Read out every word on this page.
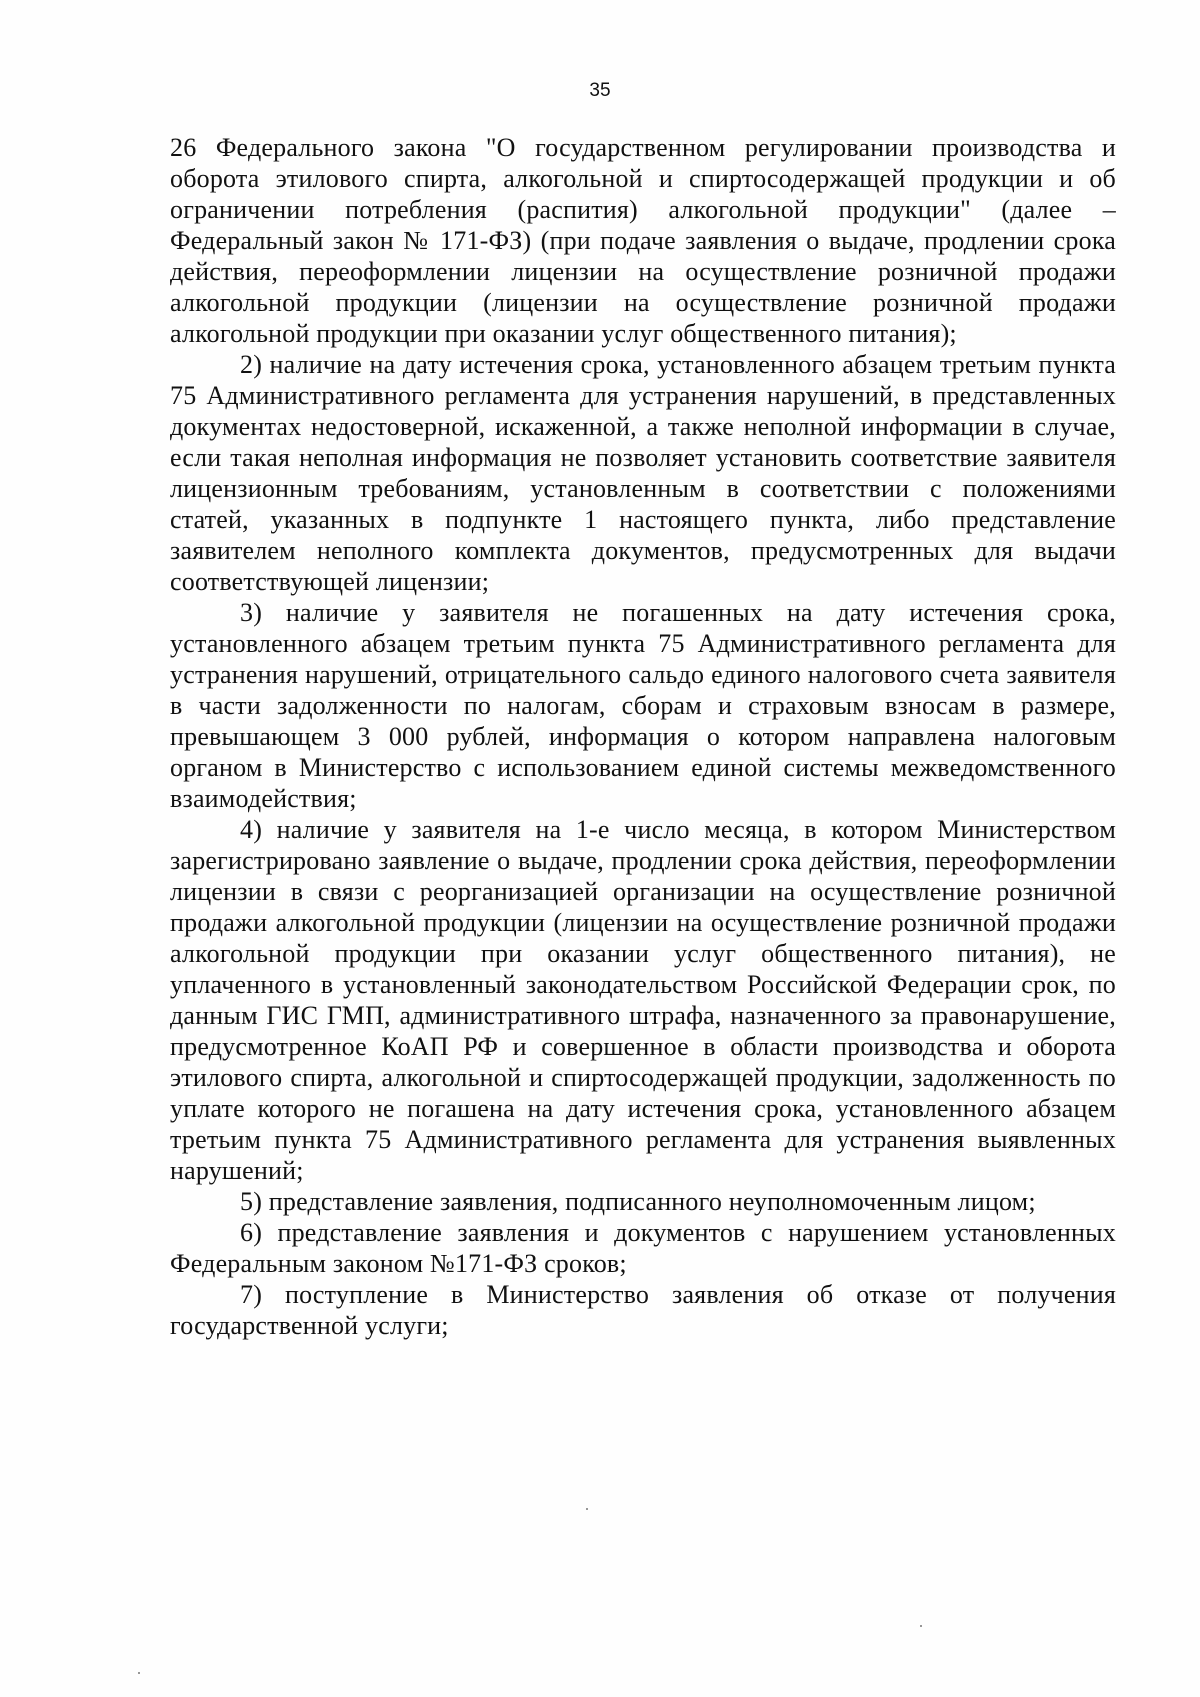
35

26 Федерального закона "О государственном регулировании производства и оборота этилового спирта, алкогольной и спиртосодержащей продукции и об ограничении потребления (распития) алкогольной продукции" (далее – Федеральный закон № 171-ФЗ) (при подаче заявления о выдаче, продлении срока действия, переоформлении лицензии на осуществление розничной продажи алкогольной продукции (лицензии на осуществление розничной продажи алкогольной продукции при оказании услуг общественного питания);

2) наличие на дату истечения срока, установленного абзацем третьим пункта 75 Административного регламента для устранения нарушений, в представленных документах недостоверной, искаженной, а также неполной информации в случае, если такая неполная информация не позволяет установить соответствие заявителя лицензионным требованиям, установленным в соответствии с положениями статей, указанных в подпункте 1 настоящего пункта, либо представление заявителем неполного комплекта документов, предусмотренных для выдачи соответствующей лицензии;

3) наличие у заявителя не погашенных на дату истечения срока, установленного абзацем третьим пункта 75 Административного регламента для устранения нарушений, отрицательного сальдо единого налогового счета заявителя в части задолженности по налогам, сборам и страховым взносам в размере, превышающем 3 000 рублей, информация о котором направлена налоговым органом в Министерство с использованием единой системы межведомственного взаимодействия;

4) наличие у заявителя на 1-е число месяца, в котором Министерством зарегистрировано заявление о выдаче, продлении срока действия, переоформлении лицензии в связи с реорганизацией организации на осуществление розничной продажи алкогольной продукции (лицензии на осуществление розничной продажи алкогольной продукции при оказании услуг общественного питания), не уплаченного в установленный законодательством Российской Федерации срок, по данным ГИС ГМП, административного штрафа, назначенного за правонарушение, предусмотренное КоАП РФ и совершенное в области производства и оборота этилового спирта, алкогольной и спиртосодержащей продукции, задолженность по уплате которого не погашена на дату истечения срока, установленного абзацем третьим пункта 75 Административного регламента для устранения выявленных нарушений;

5) представление заявления, подписанного неуполномоченным лицом;

6) представление заявления и документов с нарушением установленных Федеральным законом №171-ФЗ сроков;

7) поступление в Министерство заявления об отказе от получения государственной услуги;
